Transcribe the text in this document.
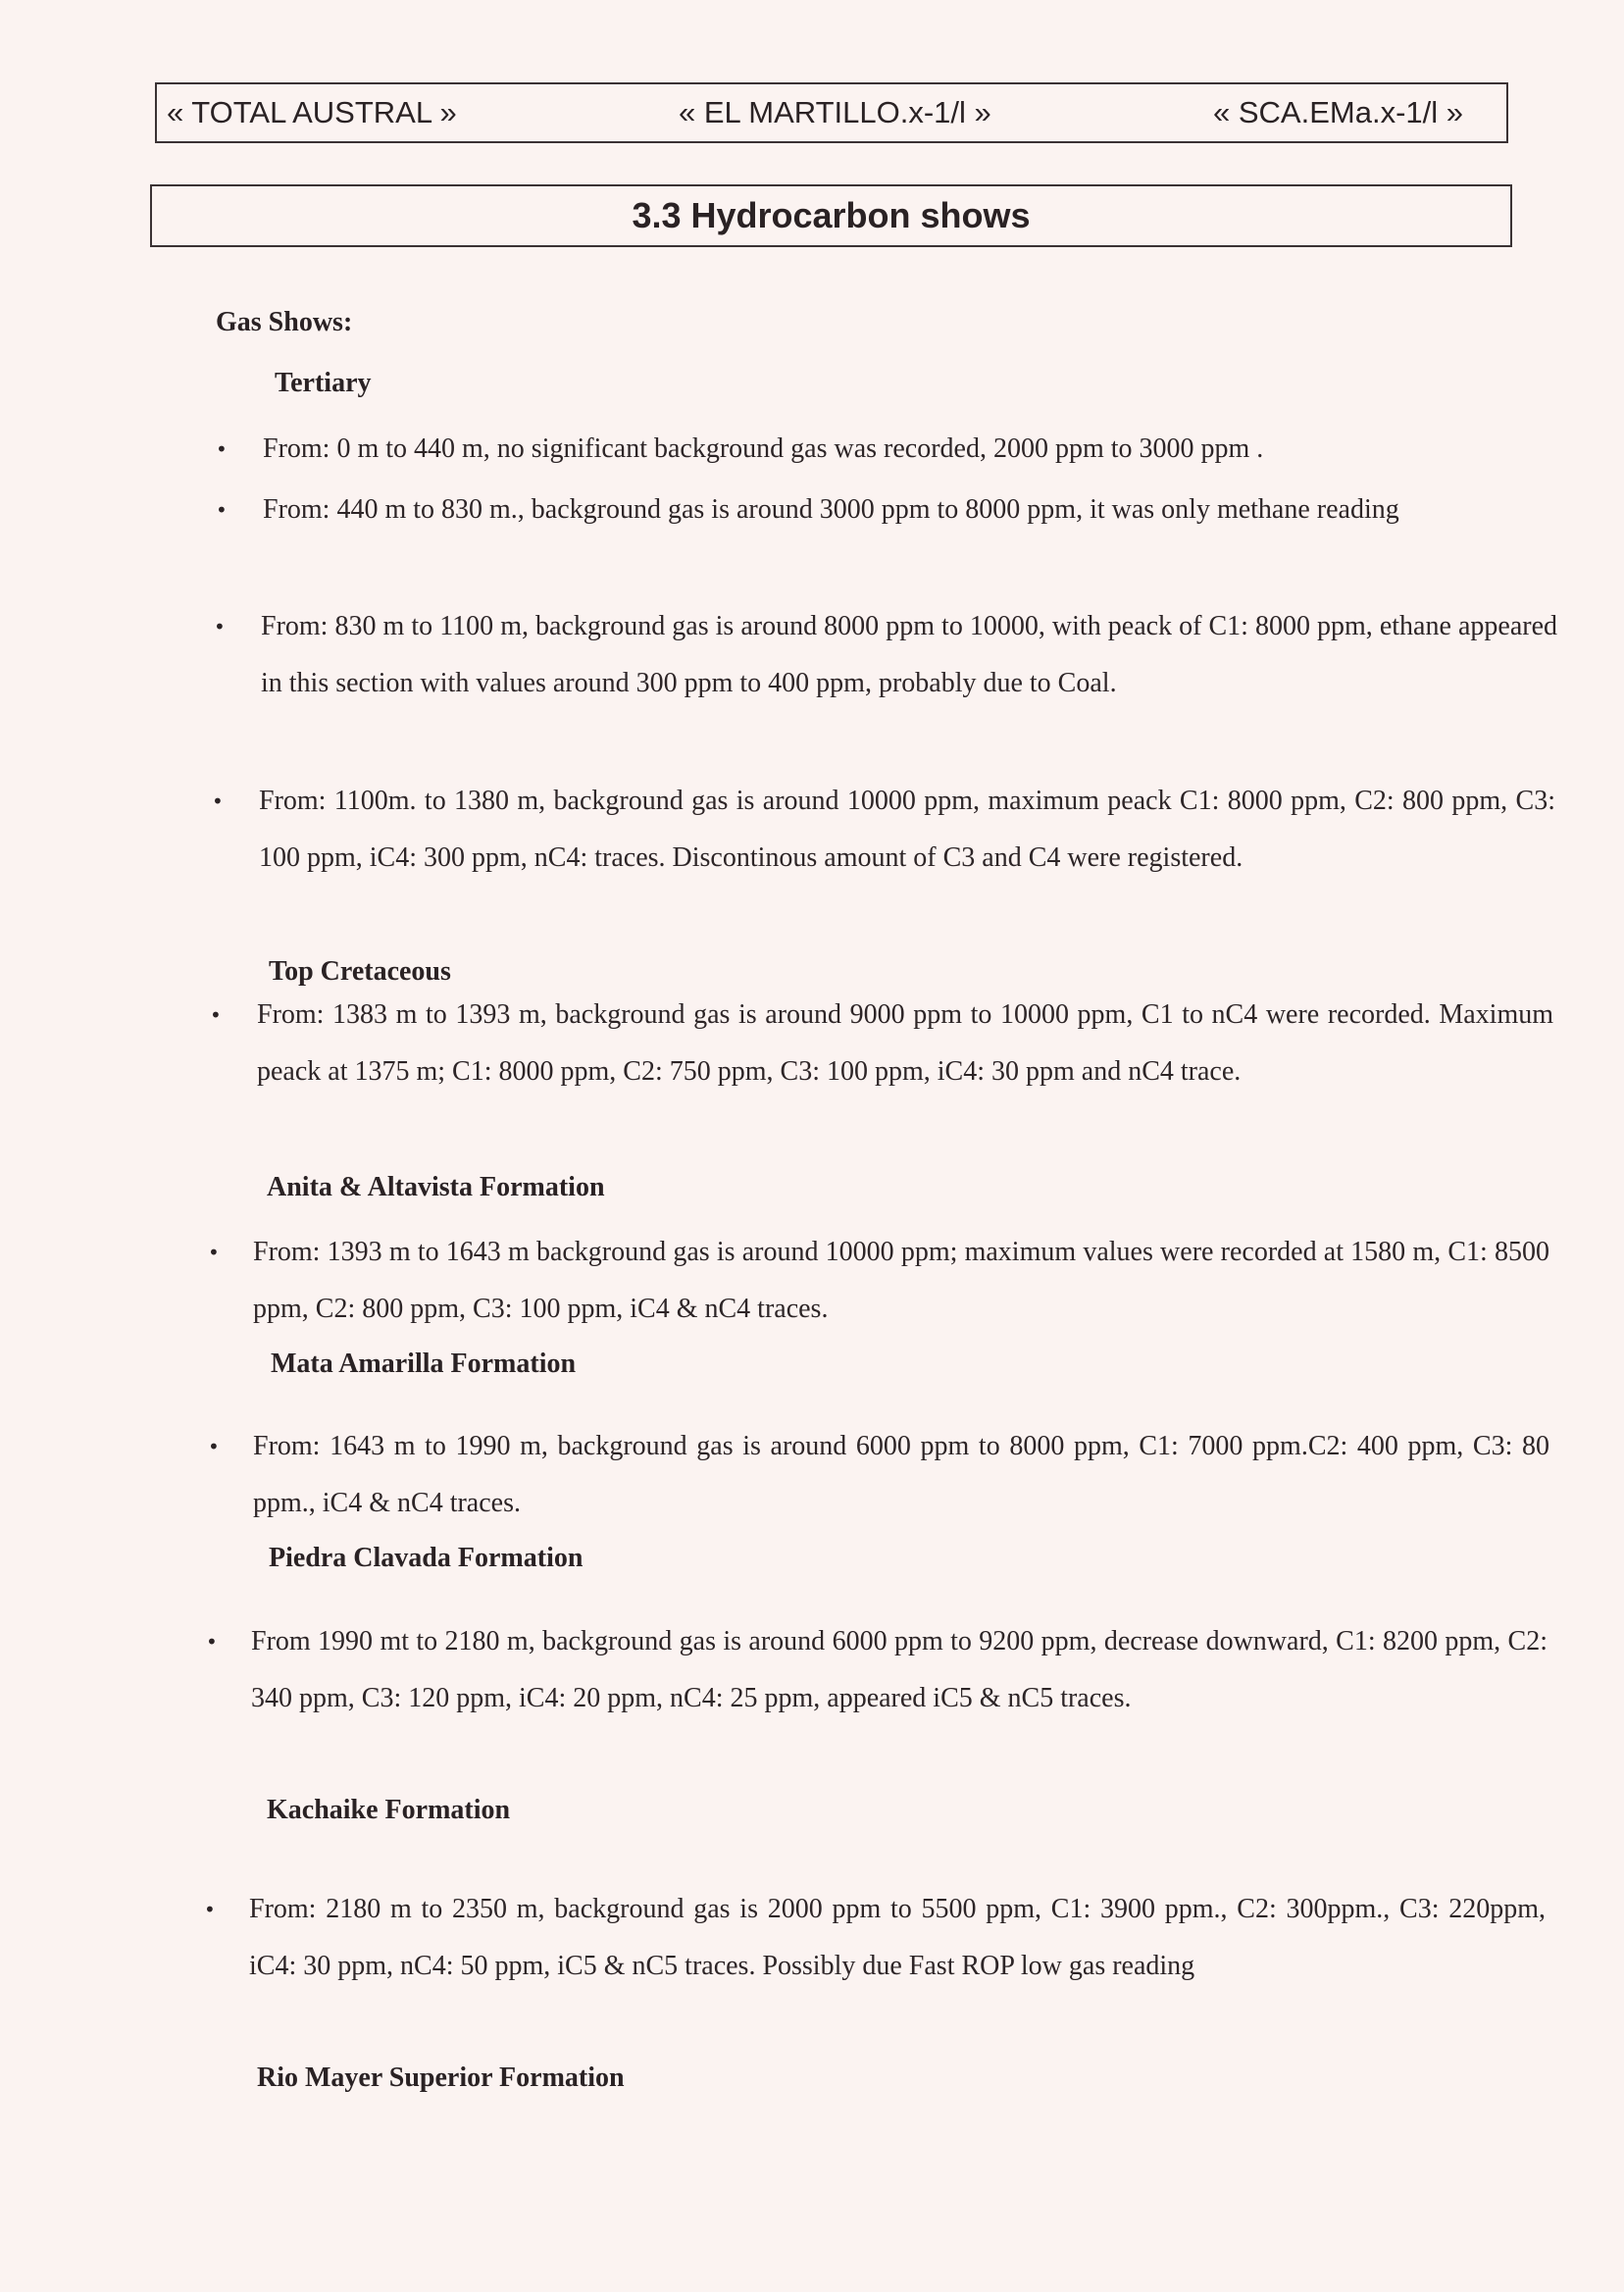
« TOTAL AUSTRAL »	« EL MARTILLO.x-1/l »	« SCA.EMa.x-1/l »
3.3 Hydrocarbon shows
Gas Shows:
Tertiary
• From: 0 m to 440 m, no significant background gas was recorded, 2000 ppm to 3000 ppm .
• From: 440 m to 830 m., background gas is around 3000 ppm to 8000 ppm, it was only methane reading
• From: 830 m to 1100 m, background gas is around 8000 ppm to 10000, with peack of C1: 8000 ppm, ethane appeared in this section with values around 300 ppm to 400 ppm, probably due to Coal.
• From: 1100m. to 1380 m, background gas is around 10000 ppm, maximum peack C1: 8000 ppm, C2: 800 ppm, C3: 100 ppm, iC4: 300 ppm, nC4: traces. Discontinous amount of C3 and C4 were registered.
Top Cretaceous
• From: 1383 m to 1393 m, background gas is around 9000 ppm to 10000 ppm, C1 to nC4 were recorded. Maximum peack at 1375 m; C1: 8000 ppm, C2: 750 ppm, C3: 100 ppm, iC4: 30 ppm and nC4 trace.
Anita & Altavista Formation
• From: 1393 m to 1643 m background gas is around 10000 ppm; maximum values were recorded at 1580 m, C1: 8500 ppm, C2: 800 ppm, C3: 100 ppm, iC4 & nC4 traces.
Mata Amarilla Formation
• From: 1643 m to 1990 m, background gas is around 6000 ppm to 8000 ppm, C1: 7000 ppm.C2: 400 ppm, C3: 80 ppm., iC4 & nC4 traces.
Piedra Clavada Formation
• From 1990 mt to 2180 m, background gas is around 6000 ppm to 9200 ppm, decrease downward, C1: 8200 ppm, C2: 340 ppm, C3: 120 ppm, iC4: 20 ppm, nC4: 25 ppm, appeared iC5 & nC5 traces.
Kachaike Formation
• From: 2180 m to 2350 m, background gas is 2000 ppm to 5500 ppm, C1: 3900 ppm., C2: 300ppm., C3: 220ppm, iC4: 30 ppm, nC4: 50 ppm, iC5 & nC5 traces. Possibly due Fast ROP low gas reading
Rio Mayer Superior Formation
